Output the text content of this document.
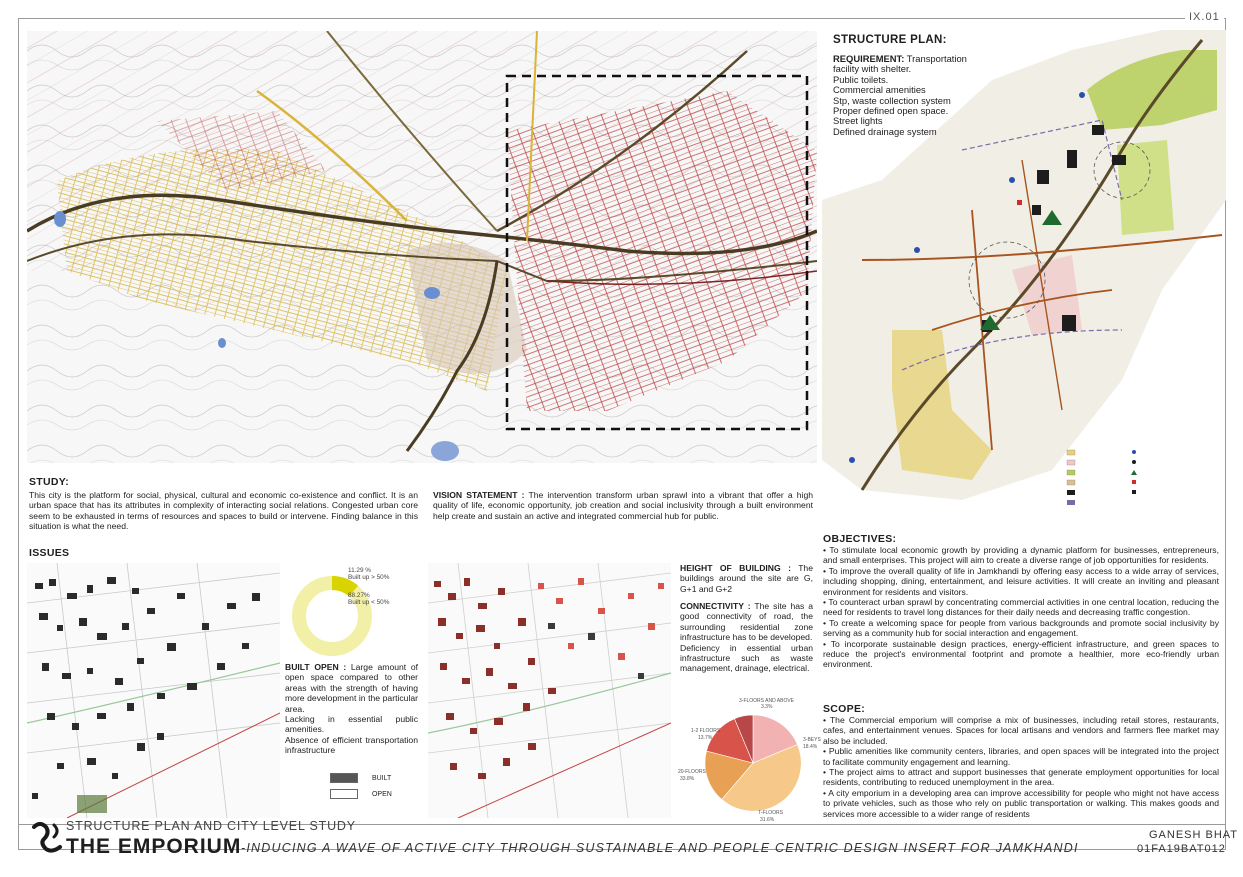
IX.01
STRUCTURE PLAN:
REQUIREMENT: Transportation facility with shelter.
Public toilets.
Commercial amenities
Stp, waste collection system
Proper defined open space.
Street lights
Defined drainage system
STUDY:
This city is the platform for social, physical, cultural and economic co-existence and conflict. It is an urban space that has its attributes in complexity of interacting social relations. Congested urban core seem to be exhausted in terms of resources and spaces to build or intervene. Finding balance in this situation is what the need.
VISION STATEMENT : The intervention transform urban sprawl into a vibrant that offer a high quality of life, economic opportunity, job creation and social inclusivity through a built environment help create and sustain an active and integrated commercial hub for public.
ISSUES
11.29 %
Built up > 50%
88.27%
Built up < 50%
BUILT OPEN : Large amount of open space compared to other areas with the strength of having more development in the particular area.
Lacking in essential public amenities.
Absence of efficient transportation infrastructure
BUILT
OPEN
HEIGHT OF BUILDING : The buildings around the site are G, G+1 and G+2
CONNECTIVITY : The site has a good connectivity of road, the surrounding residential zone infrastructure has to be developed.
Deficiency in essential urban infrastructure such as waste management, drainage, electrical.
3-FLOORS AND ABOVE
3.3%
3-BEYS
18.4%
1-2 FLOORS
13.7%
20-FLOORS
33.8%
T-FLOORS
31.6%
OBJECTIVES:
• To stimulate local economic growth by providing a dynamic platform for businesses, entrepreneurs, and small enterprises. This project will aim to create a diverse range of job opportunities for residents.
• To improve the overall quality of life in Jamkhandi by offering easy access to a wide array of services, including shopping, dining, entertainment, and leisure activities. It will create an inviting and pleasant environment for residents and visitors.
• To counteract urban sprawl by concentrating commercial activities in one central location, reducing the need for residents to travel long distances for their daily needs and decreasing traffic congestion.
• To create a welcoming space for people from various backgrounds and promote social inclusivity by serving as a community hub for social interaction and engagement.
• To incorporate sustainable design practices, energy-efficient infrastructure, and green spaces to reduce the project's environmental footprint and promote a healthier, more eco-friendly urban environment.
SCOPE:
• The Commercial emporium will comprise a mix of businesses, including retail stores, restaurants, cafes, and entertainment venues. Spaces for local artisans and vendors and farmers flee market may also be included.
• Public amenities like community centers, libraries, and open spaces will be integrated into the project to facilitate community engagement and learning.
• The project aims to attract and support businesses that generate employment opportunities for local residents, contributing to reduced unemployment in the area.
• A city emporium in a developing area can improve accessibility for people who might not have access to private vehicles, such as those who rely on public transportation or walking. This makes goods and services more accessible to a wider range of residents
STRUCTURE PLAN AND CITY LEVEL STUDY
THE EMPORIUM -INDUCING A WAVE OF ACTIVE CITY THROUGH SUSTAINABLE AND PEOPLE CENTRIC DESIGN INSERT FOR JAMKHANDI
GANESH BHAT
01FA19BAT012
